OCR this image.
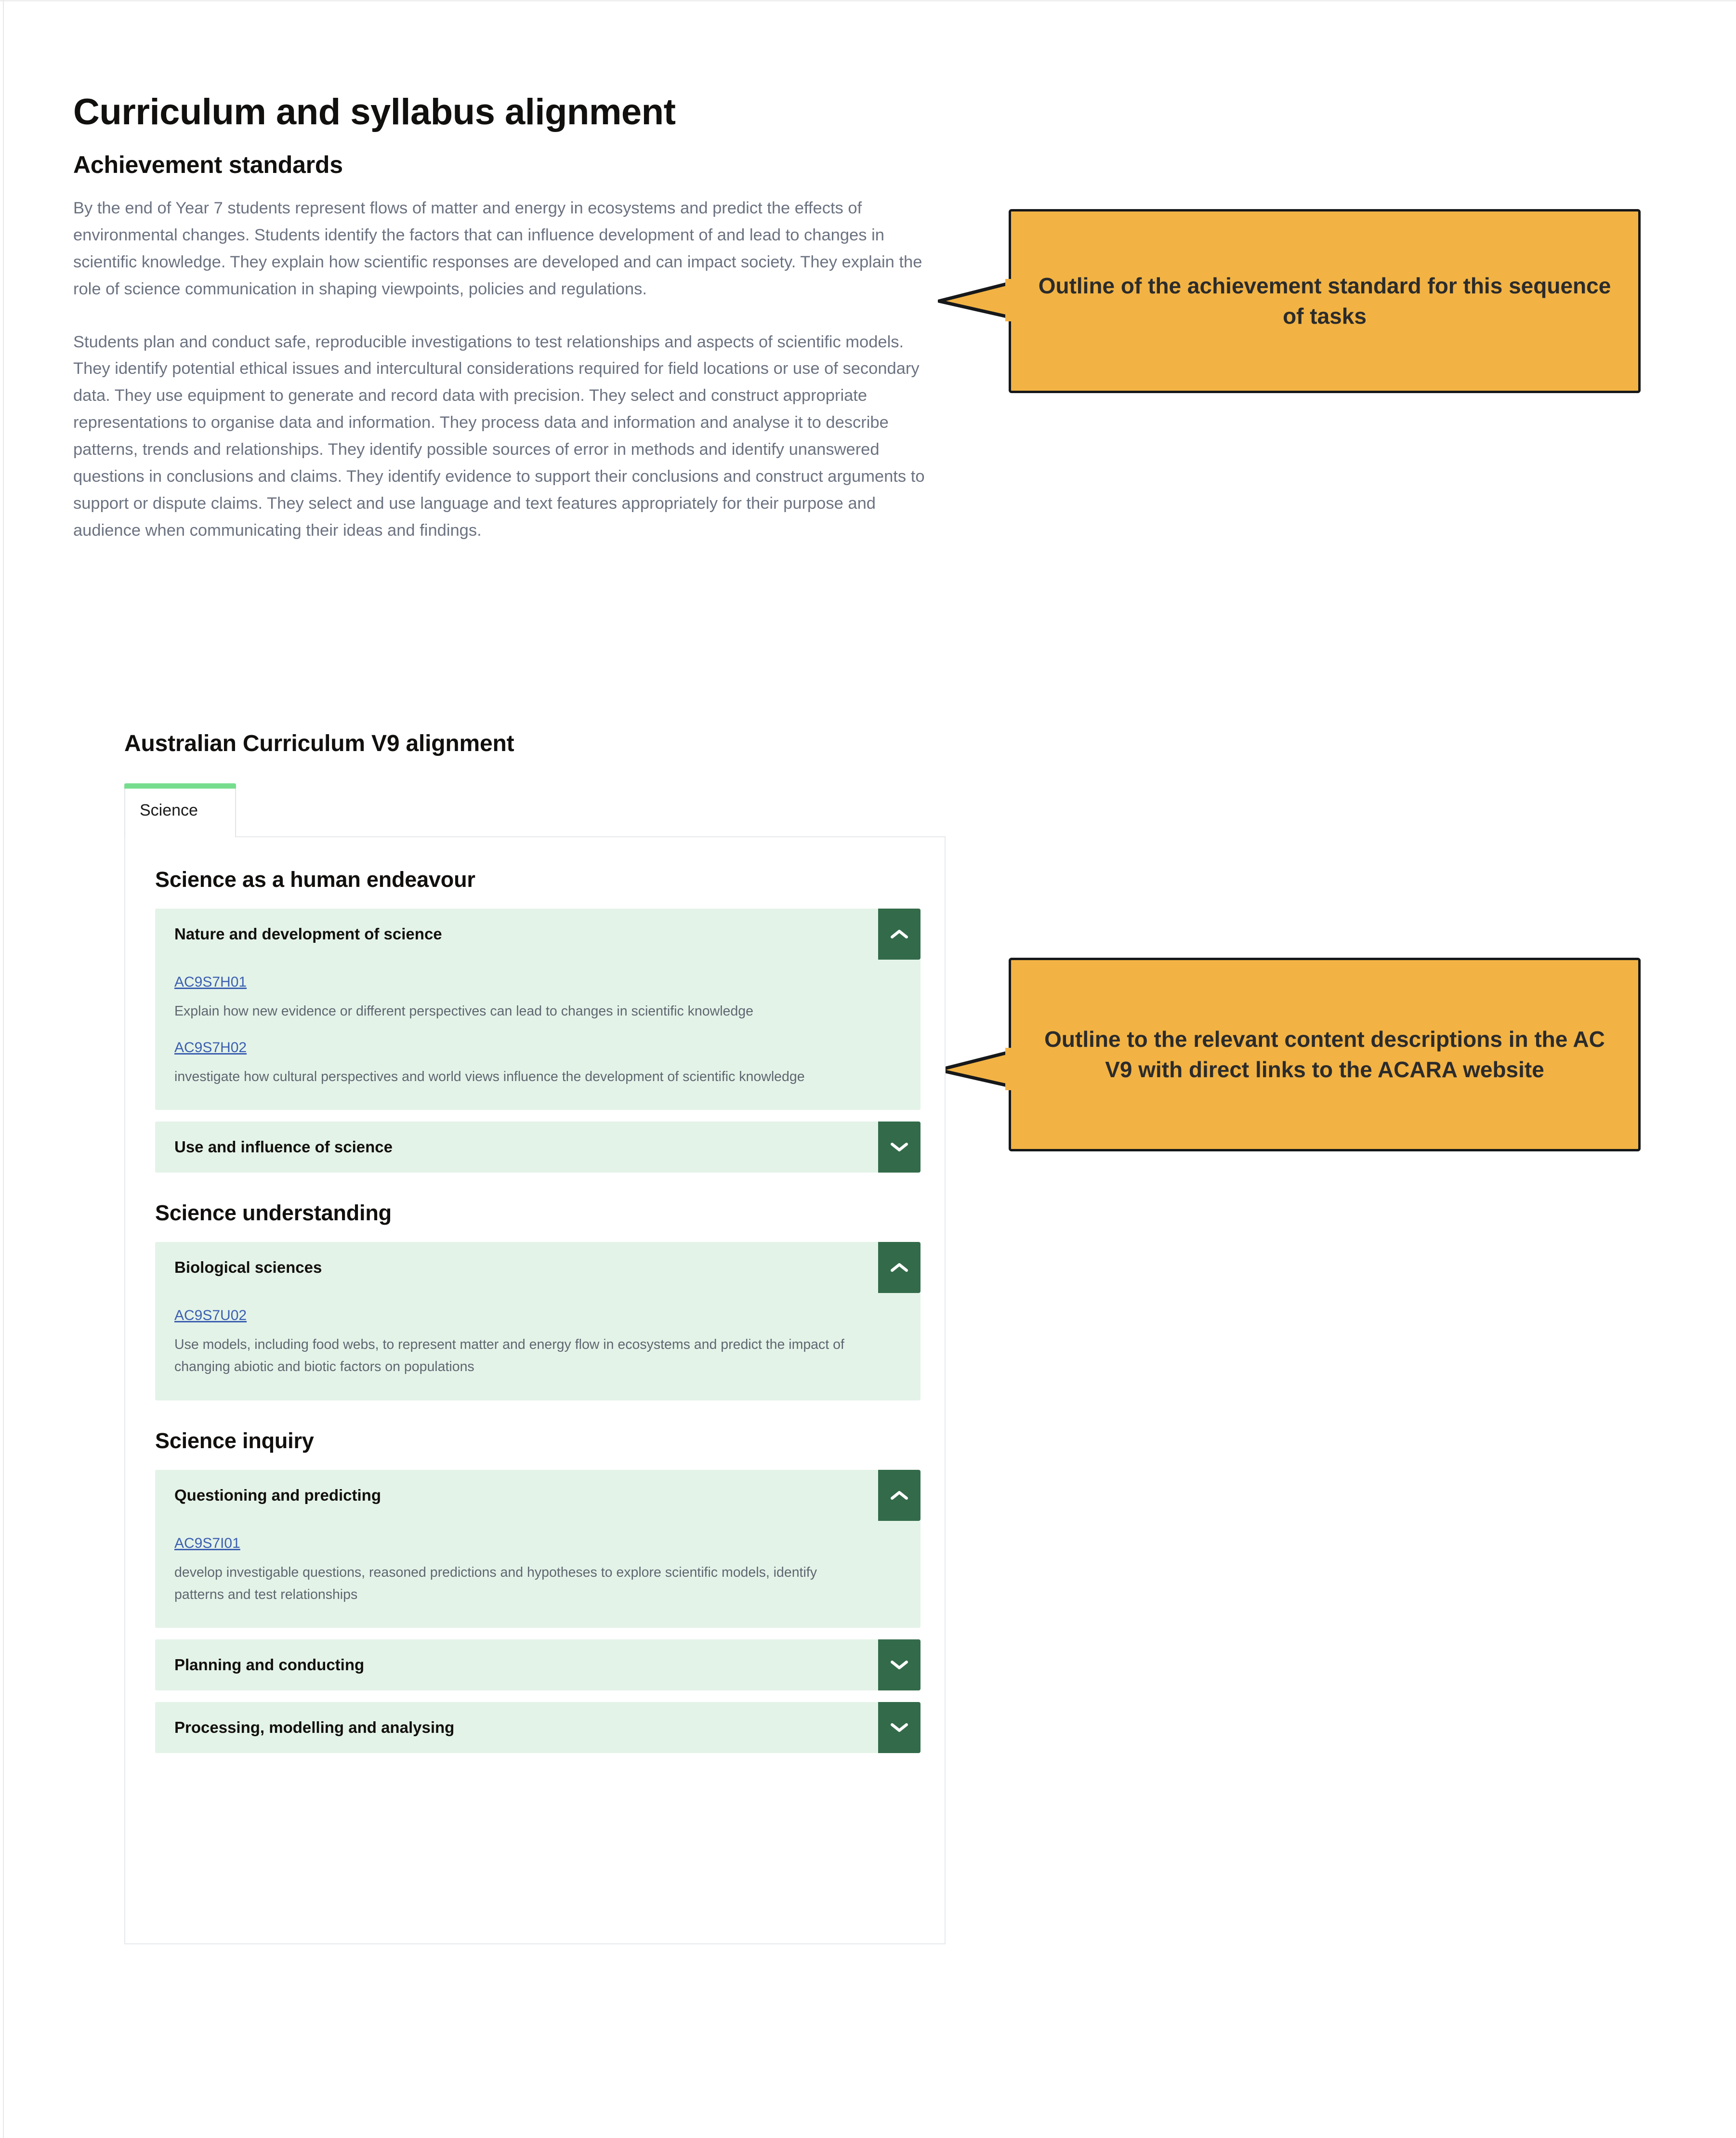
Curriculum and syllabus alignment
Achievement standards

By the end of Year 7 students represent flows of matter and energy in ecosystems and predict the effects of environmental changes. Students identify the factors that can influence development of and lead to changes in scientific knowledge. They explain how scientific responses are developed and can impact society. They explain the role of science communication in shaping viewpoints, policies and regulations.

Students plan and conduct safe, reproducible investigations to test relationships and aspects of scientific models. They identify potential ethical issues and intercultural considerations required for field locations or use of secondary data. They use equipment to generate and record data with precision. They select and construct appropriate representations to organise data and information. They process data and information and analyse it to describe patterns, trends and relationships. They identify possible sources of error in methods and identify unanswered questions in conclusions and claims. They identify evidence to support their conclusions and construct arguments to support or dispute claims. They select and use language and text features appropriately for their purpose and audience when communicating their ideas and findings.

Australian Curriculum V9 alignment
Science
Science as a human endeavour
Nature and development of science
AC9S7H01

Explain how new evidence or different perspectives can lead to changes in scientific knowledge

AC9S7H02

investigate how cultural perspectives and world views influence the development of scientific knowledge

Use and influence of science
Science understanding
Biological sciences
AC9S7U02

Use models, including food webs, to represent matter and energy flow in ecosystems and predict the impact of changing abiotic and biotic factors on populations

Science inquiry
Questioning and predicting
AC9S7I01

develop investigable questions, reasoned predictions and hypotheses to explore scientific models, identify patterns and test relationships

Planning and conducting
Processing, modelling and analysing
Outline of the achievement standard for this sequence of tasks
Outline to the relevant content descriptions in the AC V9 with direct links to the ACARA website
